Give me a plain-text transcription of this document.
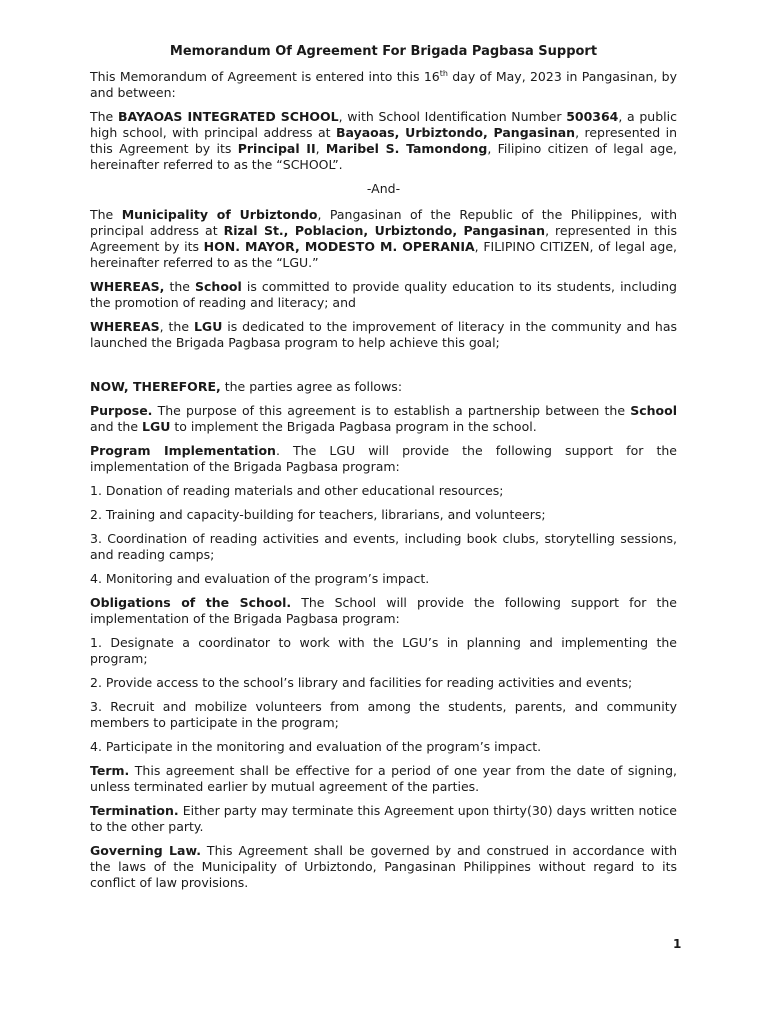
Memorandum Of Agreement For Brigada Pagbasa Support

This Memorandum of Agreement is entered into this 16th day of May, 2023 in Pangasinan, by and between:

The BAYAOAS INTEGRATED SCHOOL, with School Identification Number 500364, a public high school, with principal address at Bayaoas, Urbiztondo, Pangasinan, represented in this Agreement by its Principal II, Maribel S. Tamondong, Filipino citizen of legal age, hereinafter referred to as the “SCHOOL”.

-And-

The Municipality of Urbiztondo, Pangasinan of the Republic of the Philippines, with principal address at Rizal St., Poblacion, Urbiztondo, Pangasinan, represented in this Agreement by its HON. MAYOR, MODESTO M. OPERANIA, FILIPINO CITIZEN, of legal age, hereinafter referred to as the “LGU.”

WHEREAS, the School is committed to provide quality education to its students, including the promotion of reading and literacy; and

WHEREAS, the LGU is dedicated to the improvement of literacy in the community and has launched the Brigada Pagbasa program to help achieve this goal;

NOW, THEREFORE, the parties agree as follows:

Purpose. The purpose of this agreement is to establish a partnership between the School and the LGU to implement the Brigada Pagbasa program in the school.

Program Implementation. The LGU will provide the following support for the implementation of the Brigada Pagbasa program:

1. Donation of reading materials and other educational resources;
2. Training and capacity-building for teachers, librarians, and volunteers;
3. Coordination of reading activities and events, including book clubs, storytelling sessions, and reading camps;
4. Monitoring and evaluation of the program’s impact.

Obligations of the School. The School will provide the following support for the implementation of the Brigada Pagbasa program:

1. Designate a coordinator to work with the LGU’s in planning and implementing the program;
2. Provide access to the school’s library and facilities for reading activities and events;
3. Recruit and mobilize volunteers from among the students, parents, and community members to participate in the program;
4. Participate in the monitoring and evaluation of the program’s impact.

Term. This agreement shall be effective for a period of one year from the date of signing, unless terminated earlier by mutual agreement of the parties.

Termination. Either party may terminate this Agreement upon thirty(30) days written notice to the other party.

Governing Law. This Agreement shall be governed by and construed in accordance with the laws of the Municipality of Urbiztondo, Pangasinan Philippines without regard to its conflict of law provisions.

1
